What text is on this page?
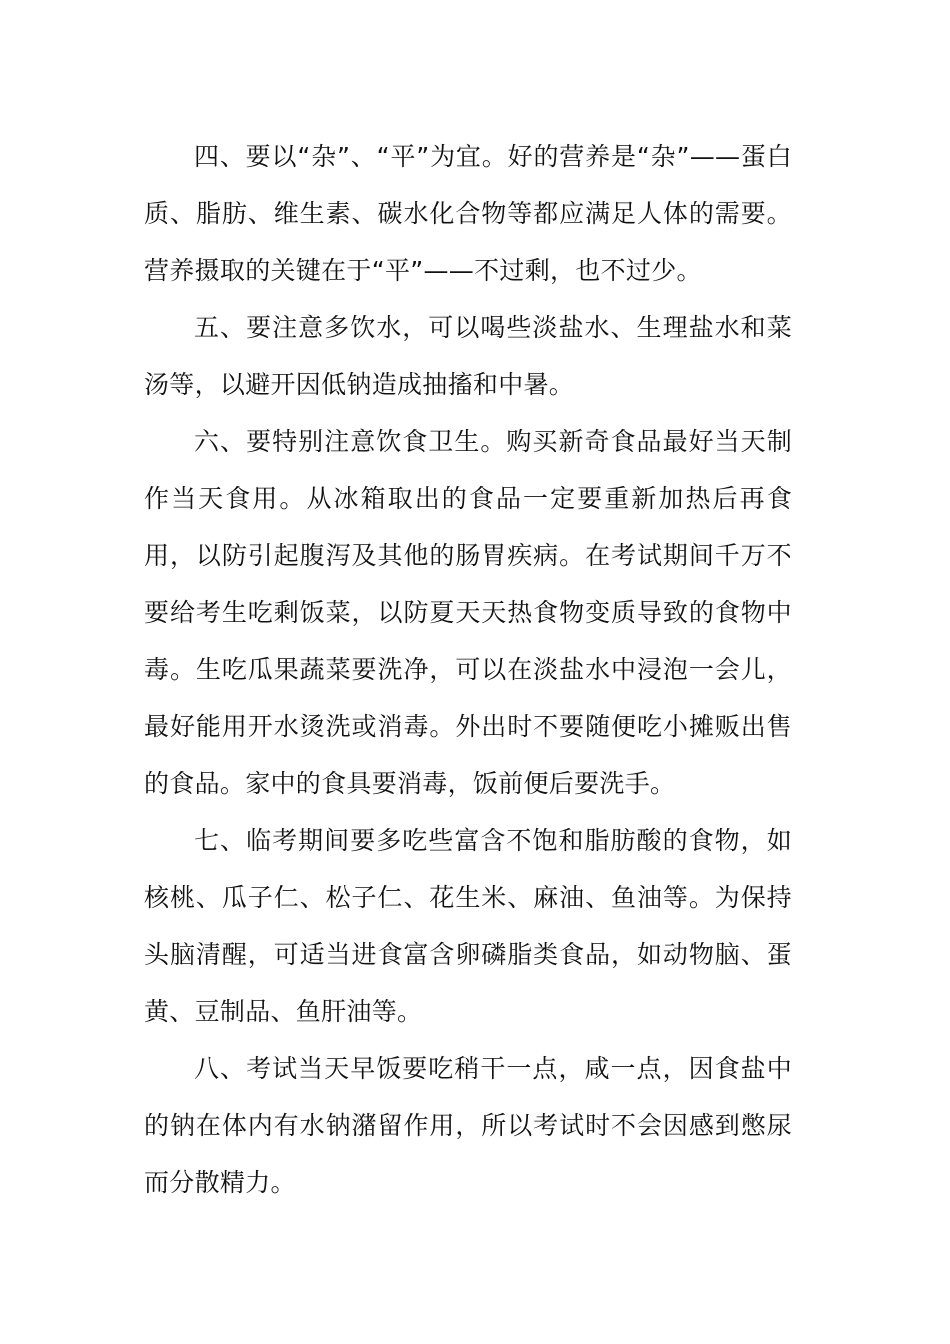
四、要以“杂”、“平”为宜。好的营养是“杂”——蛋白质、脂肪、维生素、碳水化合物等都应满足人体的需要。营养摄取的关键在于“平”——不过剩，也不过少。

五、要注意多饮水，可以喝些淡盐水、生理盐水和菜汤等，以避开因低钠造成抽搐和中暑。

六、要特别注意饮食卫生。购买新奇食品最好当天制作当天食用。从冰箱取出的食品一定要重新加热后再食用，以防引起腹泻及其他的肠胃疾病。在考试期间千万不要给考生吃剩饭菜，以防夏天天热食物变质导致的食物中毒。生吃瓜果蔬菜要洗净，可以在淡盐水中浸泡一会儿，最好能用开水烫洗或消毒。外出时不要随便吃小摊贩出售的食品。家中的食具要消毒，饭前便后要洗手。

七、临考期间要多吃些富含不饱和脂肪酸的食物，如核桃、瓜子仁、松子仁、花生米、麻油、鱼油等。为保持头脑清醒，可适当进食富含卵磷脂类食品，如动物脑、蛋黄、豆制品、鱼肝油等。

八、考试当天早饭要吃稍干一点，咸一点，因食盐中的钠在体内有水钠潴留作用，所以考试时不会因感到憋尿而分散精力。
